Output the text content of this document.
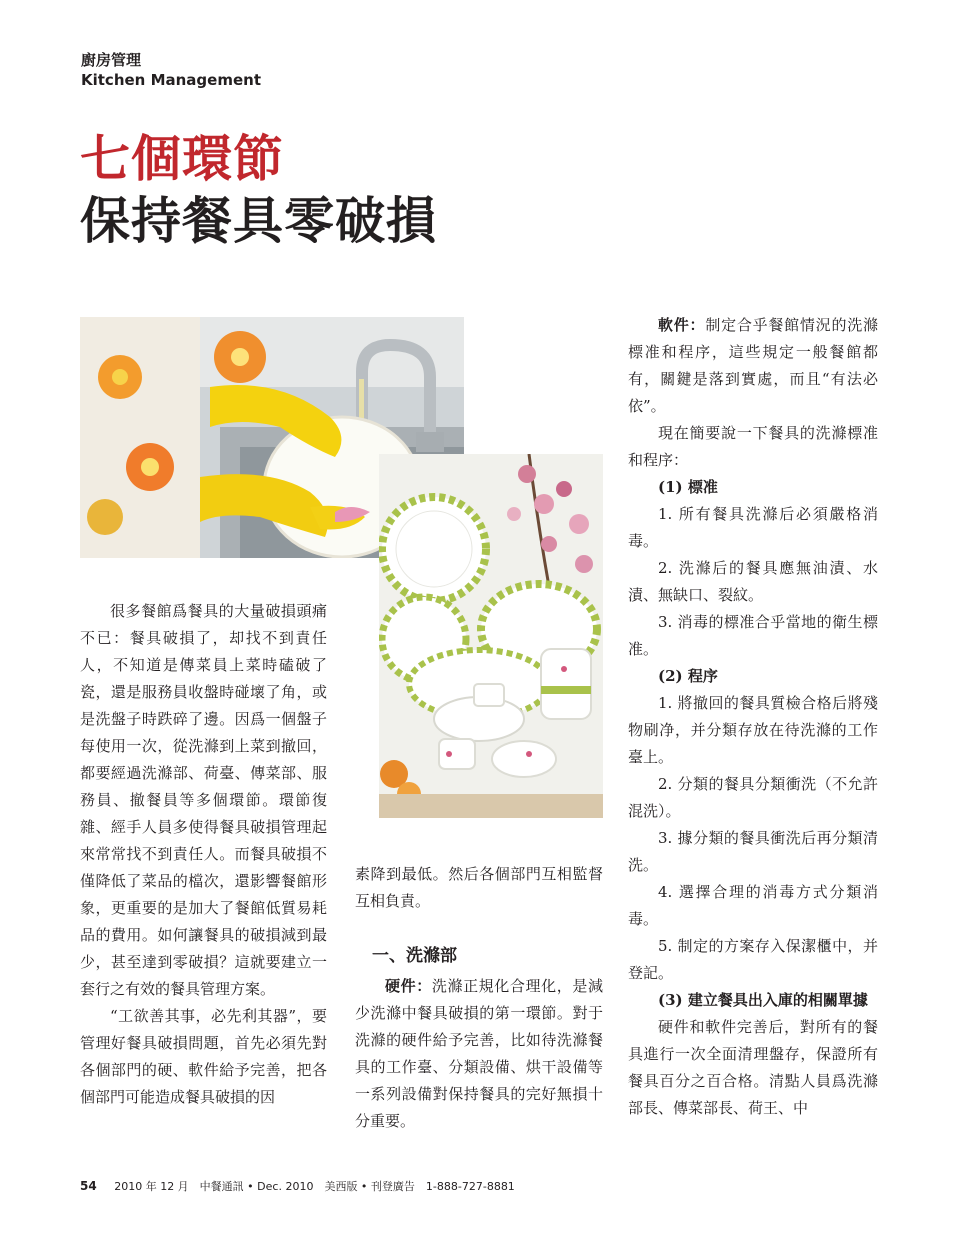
廚房管理
Kitchen Management
七個環節
保持餐具零破損

很多餐館爲餐具的大量破損頭痛不已：餐具破損了，却找不到責任人，不知道是傳菜員上菜時磕破了瓷，還是服務員收盤時碰壞了角，或是洗盤子時跌碎了邊。因爲一個盤子每使用一次，從洗滌到上菜到撤回，都要經過洗滌部、荷臺、傳菜部、服務員、撤餐員等多個環節。環節復雜、經手人員多使得餐具破損管理起來常常找不到責任人。而餐具破損不僅降低了菜品的檔次，還影響餐館形象，更重要的是加大了餐館低質易耗品的費用。如何讓餐具的破損減到最少，甚至達到零破損？這就要建立一套行之有效的餐具管理方案。

“工欲善其事，必先利其器”，要管理好餐具破損問題，首先必須先對各個部門的硬、軟件給予完善，把各個部門可能造成餐具破損的因

素降到最低。然后各個部門互相監督互相負責。

一、洗滌部

硬件：洗滌正規化合理化，是減少洗滌中餐具破損的第一環節。對于洗滌的硬件給予完善，比如待洗滌餐具的工作臺、分類設備、烘干設備等一系列設備對保持餐具的完好無損十分重要。

軟件：制定合乎餐館情況的洗滌標准和程序，這些規定一般餐館都有，關鍵是落到實處，而且“有法必依”。

現在簡要說一下餐具的洗滌標准和程序：

(1) 標准

1. 所有餐具洗滌后必須嚴格消毒。

2. 洗滌后的餐具應無油漬、水漬、無缺口、裂紋。

3. 消毒的標准合乎當地的衛生標准。

(2) 程序

1. 將撤回的餐具質檢合格后將殘物刷净，并分類存放在待洗滌的工作臺上。

2. 分類的餐具分類衝洗（不允許混洗）。

3. 據分類的餐具衝洗后再分類清洗。

4. 選擇合理的消毒方式分類消毒。

5. 制定的方案存入保潔櫃中，并登記。

(3) 建立餐具出入庫的相關單據

硬件和軟件完善后，對所有的餐具進行一次全面清理盤存，保證所有餐具百分之百合格。清點人員爲洗滌部長、傳菜部長、荷王、中

54 2010 年 12 月　中餐通訊 • Dec. 2010　美西版 • 刊登廣告　1-888-727-8881
